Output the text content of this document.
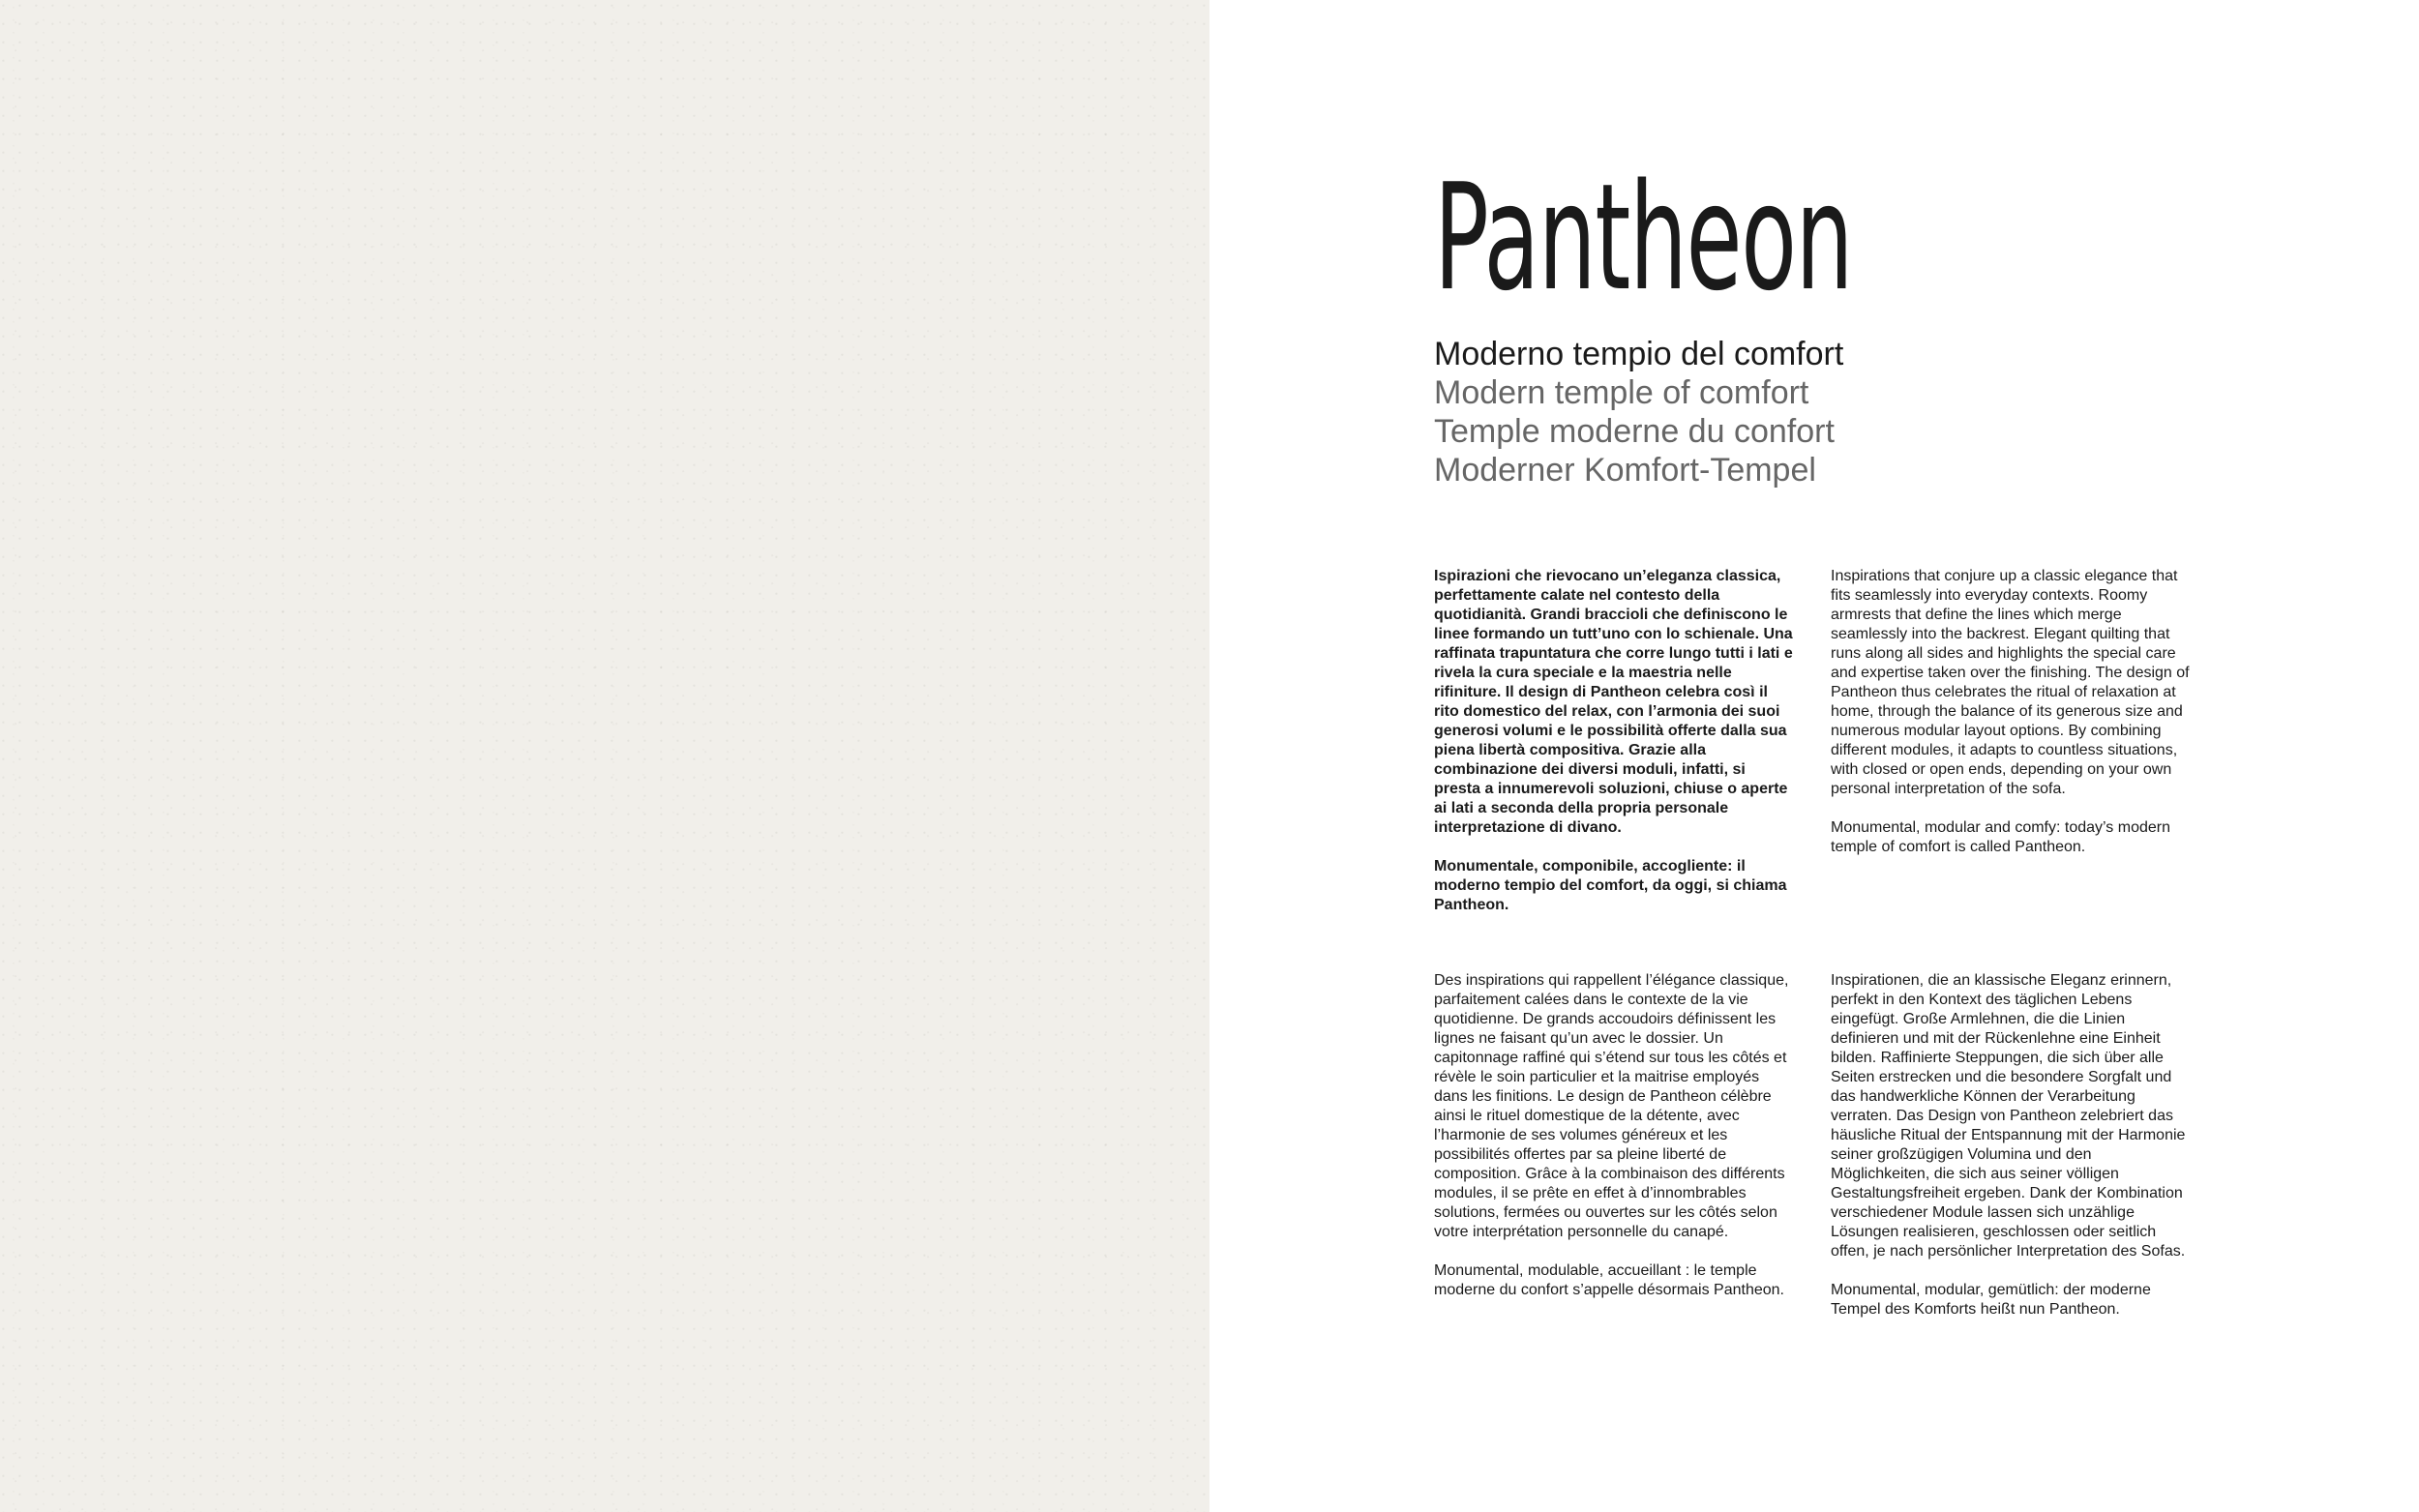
Pantheon
Moderno tempio del comfort
Modern temple of comfort
Temple moderne du confort
Moderner Komfort-Tempel

Ispirazioni che rievocano un’eleganza classica, perfettamente calate nel contesto della quotidianità. Grandi braccioli che definiscono le linee formando un tutt’uno con lo schienale. Una raffinata trapuntatura che corre lungo tutti i lati e rivela la cura speciale e la maestria nelle rifiniture. Il design di Pantheon celebra così il rito domestico del relax, con l’armonia dei suoi generosi volumi e le possibilità offerte dalla sua piena libertà compositiva. Grazie alla combinazione dei diversi moduli, infatti, si presta a innumerevoli soluzioni, chiuse o aperte ai lati a seconda della propria personale interpretazione di divano.

Monumentale, componibile, accogliente: il moderno tempio del comfort, da oggi, si chiama Pantheon.

Inspirations that conjure up a classic elegance that fits seamlessly into everyday contexts. Roomy armrests that define the lines which merge seamlessly into the backrest. Elegant quilting that runs along all sides and highlights the special care and expertise taken over the finishing. The design of Pantheon thus celebrates the ritual of relaxation at home, through the balance of its generous size and numerous modular layout options. By combining different modules, it adapts to countless situations, with closed or open ends, depending on your own personal interpretation of the sofa.

Monumental, modular and comfy: today’s modern temple of comfort is called Pantheon.

Des inspirations qui rappellent l’élégance classique, parfaitement calées dans le contexte de la vie quotidienne. De grands accoudoirs définissent les lignes ne faisant qu’un avec le dossier. Un capitonnage raffiné qui s’étend sur tous les côtés et révèle le soin particulier et la maitrise employés dans les finitions. Le design de Pantheon célèbre ainsi le rituel domestique de la détente, avec l’harmonie de ses volumes généreux et les possibilités offertes par sa pleine liberté de composition. Grâce à la combinaison des différents modules, il se prête en effet à d’innombrables solutions, fermées ou ouvertes sur les côtés selon votre interprétation personnelle du canapé.

Monumental, modulable, accueillant : le temple moderne du confort s’appelle désormais Pantheon.

Inspirationen, die an klassische Eleganz erinnern, perfekt in den Kontext des täglichen Lebens eingefügt. Große Armlehnen, die die Linien definieren und mit der Rückenlehne eine Einheit bilden. Raffinierte Steppungen, die sich über alle Seiten erstrecken und die besondere Sorgfalt und das handwerkliche Können der Verarbeitung verraten. Das Design von Pantheon zelebriert das häusliche Ritual der Entspannung mit der Harmonie seiner großzügigen Volumina und den Möglichkeiten, die sich aus seiner völligen Gestaltungsfreiheit ergeben. Dank der Kombination verschiedener Module lassen sich unzählige Lösungen realisieren, geschlossen oder seitlich offen, je nach persönlicher Interpretation des Sofas.

Monumental, modular, gemütlich: der moderne Tempel des Komforts heißt nun Pantheon.
